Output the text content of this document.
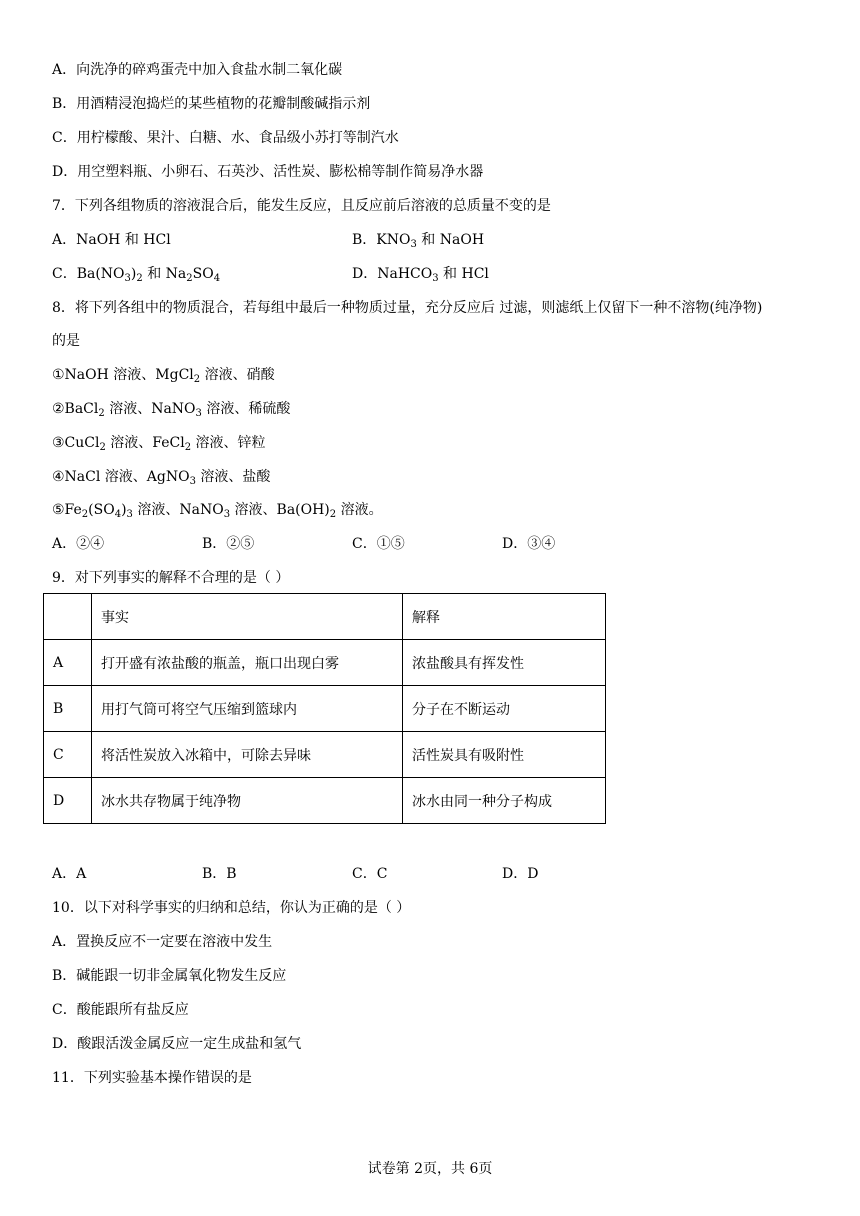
A．向洗净的碎鸡蛋壳中加入食盐水制二氧化碳
B．用酒精浸泡捣烂的某些植物的花瓣制酸碱指示剂
C．用柠檬酸、果汁、白糖、水、食品级小苏打等制汽水
D．用空塑料瓶、小卵石、石英沙、活性炭、膨松棉等制作简易净水器
7．下列各组物质的溶液混合后，能发生反应，且反应前后溶液的总质量不变的是
A．NaOH 和 HCl	B．$KNO_3$ 和 NaOH
C．$Ba(NO_3)_2$ 和 $Na_2SO_4$	D．NaHCO$_3$ 和 HCl
8．将下列各组中的物质混合，若每组中最后一种物质过量，充分反应后 过滤，则滤纸上仅留下一种不溶物(纯净物)
的是
①NaOH 溶液、MgCl$_2$ 溶液、硝酸
②BaCl$_2$ 溶液、NaNO$_3$ 溶液、稀硫酸
③CuCl$_2$ 溶液、FeCl$_2$ 溶液、锌粒
④NaCl 溶液、AgNO$_3$ 溶液、盐酸
$⑤Fe_2(SO_4)_3$ 溶液、NaNO$_3$ 溶液、$Ba(OH)_2$ 溶液。
A．②④	B．②⑤	C．①⑤	D．③④
9．对下列事实的解释不合理的是（ ）
	事实	解释
A	打开盛有浓盐酸的瓶盖，瓶口出现白雾	浓盐酸具有挥发性
B	用打气筒可将空气压缩到篮球内	分子在不断运动
C	将活性炭放入冰箱中，可除去异味	活性炭具有吸附性
D	冰水共存物属于纯净物	冰水由同一种分子构成
A．A	B．B	C．C	D．D
10．以下对科学事实的归纳和总结，你认为正确的是（ ）
A．置换反应不一定要在溶液中发生
B．碱能跟一切非金属氧化物发生反应
C．酸能跟所有盐反应
D．酸跟活泼金属反应一定生成盐和氢气
11．下列实验基本操作错误的是
试卷第 2页，共 6页
